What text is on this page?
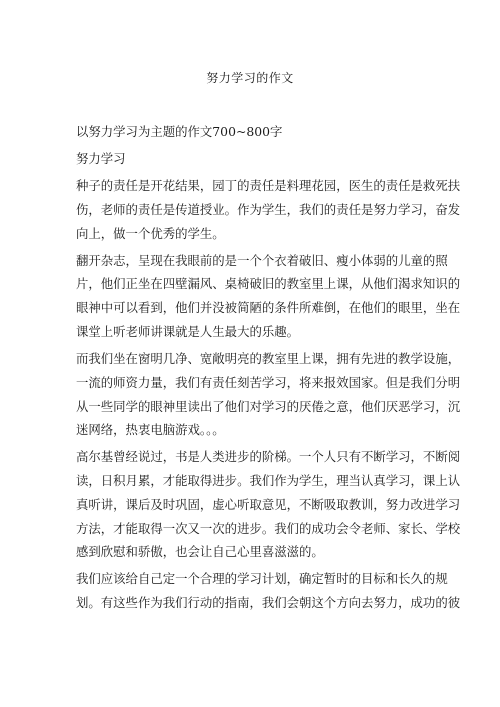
努力学习的作文
以努力学习为主题的作文700~800字
努力学习
种子的责任是开花结果，园丁的责任是料理花园，医生的责任是救死扶
伤，老师的责任是传道授业。作为学生，我们的责任是努力学习，奋发
向上，做一个优秀的学生。
翻开杂志，呈现在我眼前的是一个个衣着破旧、瘦小体弱的儿童的照
片，他们正坐在四壁漏风、桌椅破旧的教室里上课，从他们渴求知识的
眼神中可以看到，他们并没被简陋的条件所难倒，在他们的眼里，坐在
课堂上听老师讲课就是人生最大的乐趣。
而我们坐在窗明几净、宽敞明亮的教室里上课，拥有先进的教学设施，
一流的师资力量，我们有责任刻苦学习，将来报效国家。但是我们分明
从一些同学的眼神里读出了他们对学习的厌倦之意，他们厌恶学习，沉
迷网络，热衷电脑游戏。。。
高尔基曾经说过，书是人类进步的阶梯。一个人只有不断学习，不断阅
读，日积月累，才能取得进步。我们作为学生，理当认真学习，课上认
真听讲，课后及时巩固，虚心听取意见，不断吸取教训，努力改进学习
方法，才能取得一次又一次的进步。我们的成功会令老师、家长、学校
感到欣慰和骄傲，也会让自己心里喜滋滋的。
我们应该给自己定一个合理的学习计划，确定暂时的目标和长久的规
划。有这些作为我们行动的指南，我们会朝这个方向去努力，成功的彼
